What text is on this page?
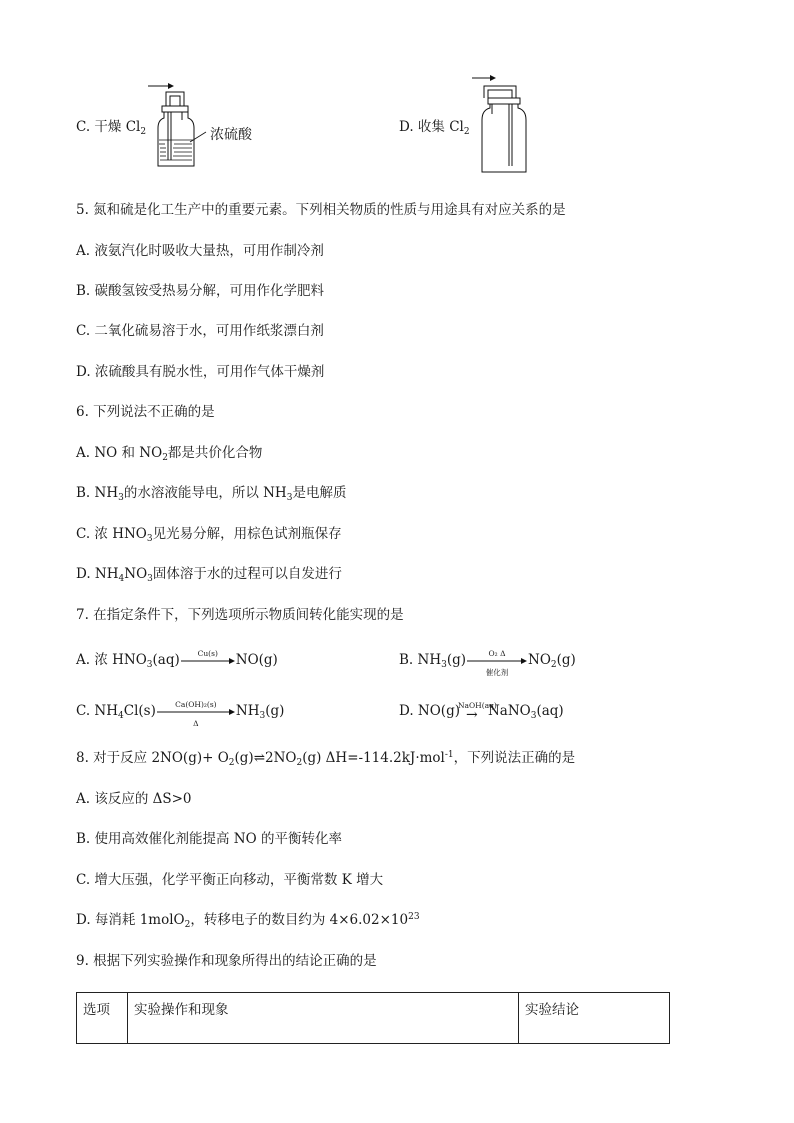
C. 干燥 $Cl_2$	浓硫酸	D. 收集 $Cl_2$
5. 氮和硫是化工生产中的重要元素。下列相关物质的性质与用途具有对应关系的是
A. 液氨汽化时吸收大量热，可用作制冷剂
B. 碳酸氢铵受热易分解，可用作化学肥料
C. 二氧化硫易溶于水，可用作纸浆漂白剂
D. 浓硫酸具有脱水性，可用作气体干燥剂
6. 下列说法不正确的是
A. NO 和 $NO_2$都是共价化合物
B. $NH_3$的水溶液能导电，所以 $NH_3$是电解质
C. 浓 $HNO_3$见光易分解，用棕色试剂瓶保存
D. $NH_4NO_3$固体溶于水的过程可以自发进行
7. 在指定条件下，下列选项所示物质间转化能实现的是
A. 浓 $HNO_3(aq)$	Cu(s)	NO(g)	B. $NH_3(g)$	O₂ Δ
催化剂
$NO_2(g)$
C. $NH_4Cl(s)$	Ca(OH)₂(s)
Δ
$NH_3(g)$	D. NO(g)
NaOH(aq)
→ NaNO$_3$(aq)
8. 对于反应 $2NO(g)+ O_2(g)\rightleftharpoons 2NO_2(g)$ ΔH=-114.2kJ·mol$^{-1}$，下列说法正确的是
A. 该反应的 ΔS>0
B. 使用高效催化剂能提高 NO 的平衡转化率
C. 增大压强，化学平衡正向移动，平衡常数 K 增大
D. 每消耗 1molO$_2$，转移电子的数目约为 $4\times 6.02\times 10^{23}$
9. 根据下列实验操作和现象所得出的结论正确的是
选项	实验操作和现象	实验结论
